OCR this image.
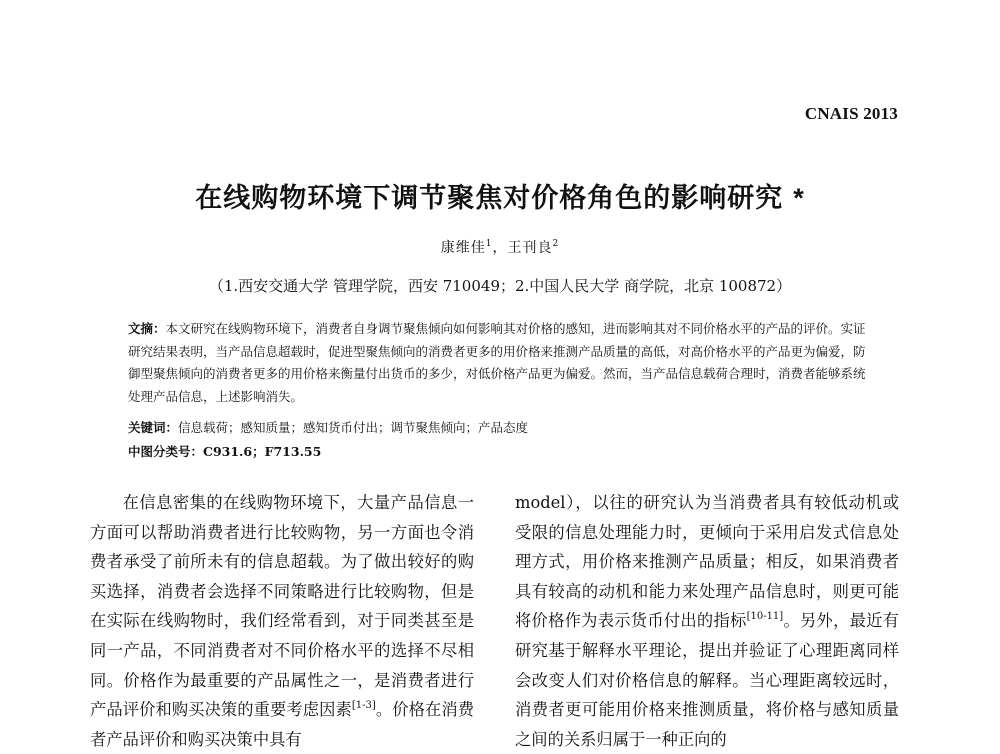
CNAIS 2013
在线购物环境下调节聚焦对价格角色的影响研究 *
康维佳$^1$，王刊良$^2$
（1.西安交通大学 管理学院，西安 710049；2.中国人民大学 商学院，北京 100872）
文摘：本文研究在线购物环境下，消费者自身调节聚焦倾向如何影响其对价格的感知，进而影响其对不同价格水平的产品的评价。实证研究结果表明，当产品信息超载时，促进型聚焦倾向的消费者更多的用价格来推测产品质量的高低，对高价格水平的产品更为偏爱，防御型聚焦倾向的消费者更多的用价格来衡量付出货币的多少，对低价格产品更为偏爱。然而，当产品信息载荷合理时，消费者能够系统处理产品信息，上述影响消失。
关键词：信息载荷；感知质量；感知货币付出；调节聚焦倾向；产品态度
中图分类号：C931.6；F713.55
在信息密集的在线购物环境下，大量产品信息一方面可以帮助消费者进行比较购物，另一方面也令消费者承受了前所未有的信息超载。为了做出较好的购买选择，消费者会选择不同策略进行比较购物，但是在实际在线购物时，我们经常看到，对于同类甚至是同一产品，不同消费者对不同价格水平的选择不尽相同。价格作为最重要的产品属性之一，是消费者进行产品评价和购买决策的重要考虑因素[1-3]。价格在消费者产品评价和购买决策中具有
model），以往的研究认为当消费者具有较低动机或受限的信息处理能力时，更倾向于采用启发式信息处理方式，用价格来推测产品质量；相反，如果消费者具有较高的动机和能力来处理产品信息时，则更可能将价格作为表示货币付出的指标[10-11]。另外，最近有研究基于解释水平理论，提出并验证了心理距离同样会改变人们对价格信息的解释。当心理距离较远时，消费者更可能用价格来推测质量，将价格与感知质量之间的关系归属于一种正向的
